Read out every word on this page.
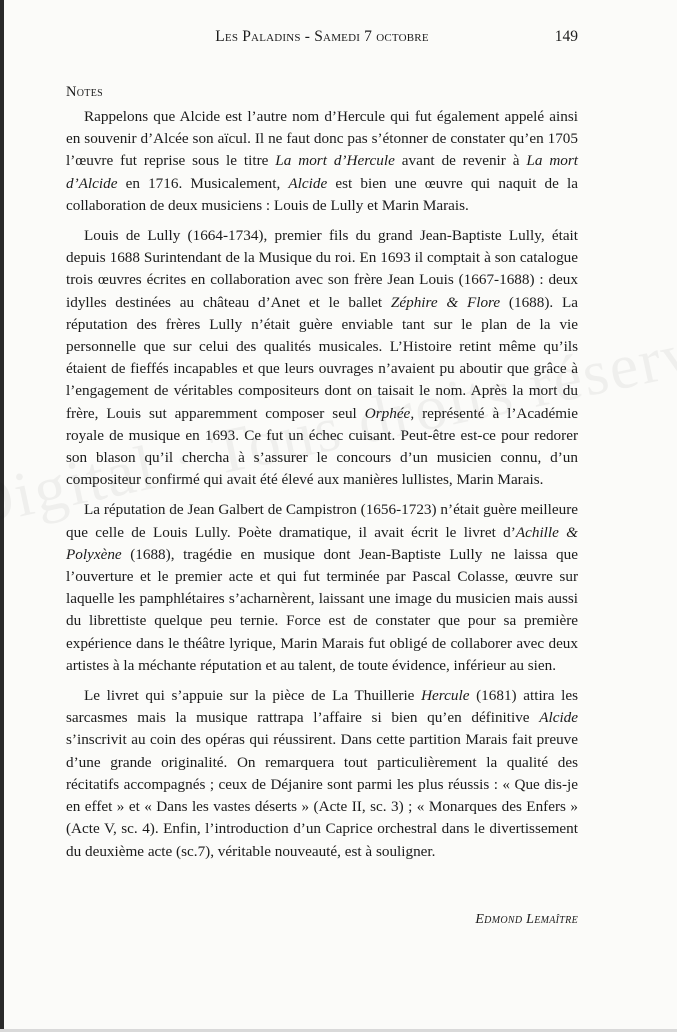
Les Paladins - Samedi 7 octobre	149
Notes

Rappelons que Alcide est l’autre nom d’Hercule qui fut également appelé ainsi en souvenir d’Alcée son aïcul. Il ne faut donc pas s’étonner de constater qu’en 1705 l’œuvre fut reprise sous le titre La mort d’Hercule avant de revenir à La mort d’Alcide en 1716. Musicalement, Alcide est bien une œuvre qui naquit de la collaboration de deux musiciens : Louis de Lully et Marin Marais.

Louis de Lully (1664-1734), premier fils du grand Jean-Baptiste Lully, était depuis 1688 Surintendant de la Musique du roi. En 1693 il comptait à son catalogue trois œuvres écrites en collaboration avec son frère Jean Louis (1667-1688) : deux idylles destinées au château d’Anet et le ballet Zéphire & Flore (1688). La réputation des frères Lully n’était guère enviable tant sur le plan de la vie personnelle que sur celui des qualités musicales. L’Histoire retint même qu’ils étaient de fieffés incapables et que leurs ouvrages n’avaient pu aboutir que grâce à l’engagement de véritables compositeurs dont on taisait le nom. Après la mort du frère, Louis sut apparemment composer seul Orphée, représenté à l’Académie royale de musique en 1693. Ce fut un échec cuisant. Peut-être est-ce pour redorer son blason qu’il chercha à s’assurer le concours d’un musicien connu, d’un compositeur confirmé qui avait été élevé aux manières lullistes, Marin Marais.

La réputation de Jean Galbert de Campistron (1656-1723) n’était guère meilleure que celle de Louis Lully. Poète dramatique, il avait écrit le livret d’Achille & Polyxène (1688), tragédie en musique dont Jean-Baptiste Lully ne laissa que l’ouverture et le premier acte et qui fut terminée par Pascal Colasse, œuvre sur laquelle les pamphlétaires s’acharnèrent, laissant une image du musicien mais aussi du librettiste quelque peu ternie. Force est de constater que pour sa première expérience dans le théâtre lyrique, Marin Marais fut obligé de collaborer avec deux artistes à la méchante réputation et au talent, de toute évidence, inférieur au sien.

Le livret qui s’appuie sur la pièce de La Thuillerie Hercule (1681) attira les sarcasmes mais la musique rattrapa l’affaire si bien qu’en définitive Alcide s’inscrivit au coin des opéras qui réussirent. Dans cette partition Marais fait preuve d’une grande originalité. On remarquera tout particulièrement la qualité des récitatifs accompagnés ; ceux de Déjanire sont parmi les plus réussis : « Que dis-je en effet » et « Dans les vastes déserts » (Acte II, sc. 3) ; « Monarques des Enfers » (Acte V, sc. 4). Enfin, l’introduction d’un Caprice orchestral dans le divertissement du deuxième acte (sc.7), véritable nouveauté, est à souligner.

Edmond Lemaître
